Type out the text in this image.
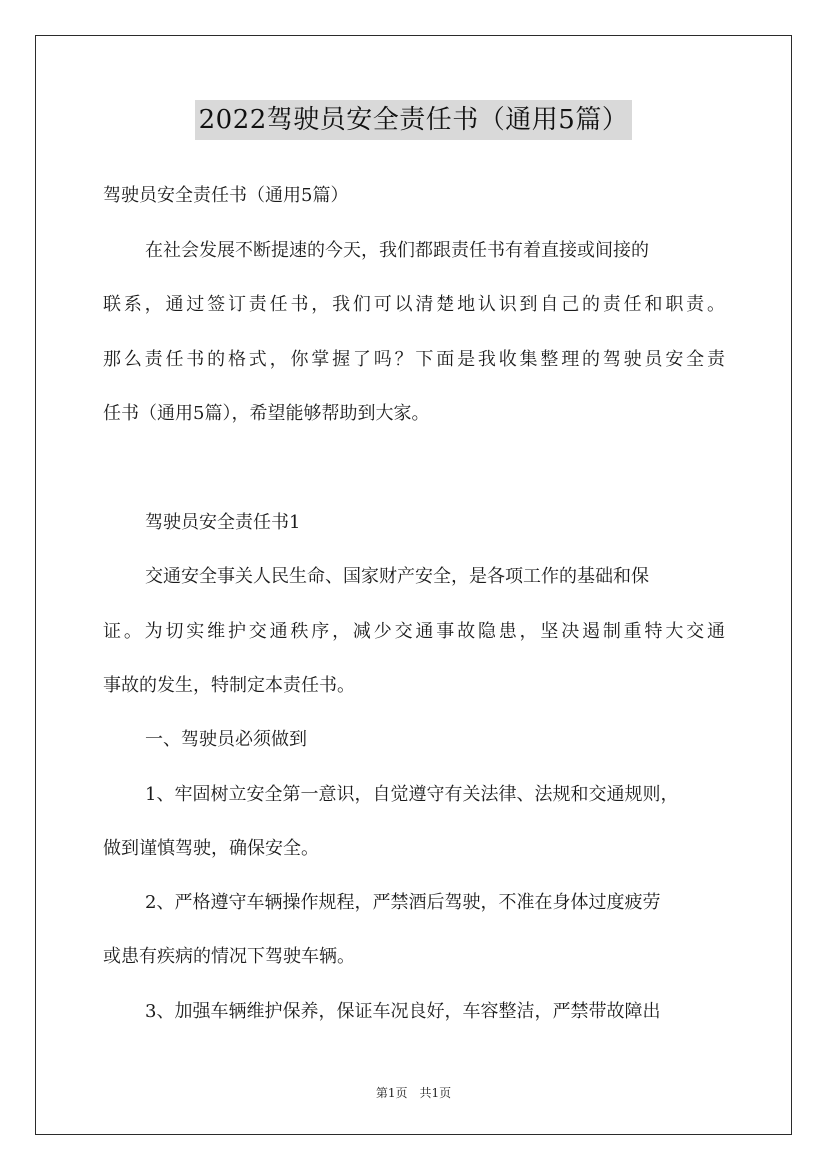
2022驾驶员安全责任书（通用5篇）
驾驶员安全责任书（通用5篇）
在社会发展不断提速的今天，我们都跟责任书有着直接或间接的
联系，通过签订责任书，我们可以清楚地认识到自己的责任和职责。
那么责任书的格式，你掌握了吗？下面是我收集整理的驾驶员安全责
任书（通用5篇），希望能够帮助到大家。
驾驶员安全责任书1
交通安全事关人民生命、国家财产安全，是各项工作的基础和保
证。为切实维护交通秩序，减少交通事故隐患，坚决遏制重特大交通
事故的发生，特制定本责任书。
一、驾驶员必须做到
1、牢固树立安全第一意识，自觉遵守有关法律、法规和交通规则，
做到谨慎驾驶，确保安全。
2、严格遵守车辆操作规程，严禁酒后驾驶，不准在身体过度疲劳
或患有疾病的情况下驾驶车辆。
3、加强车辆维护保养，保证车况良好，车容整洁，严禁带故障出
第1页　共1页
